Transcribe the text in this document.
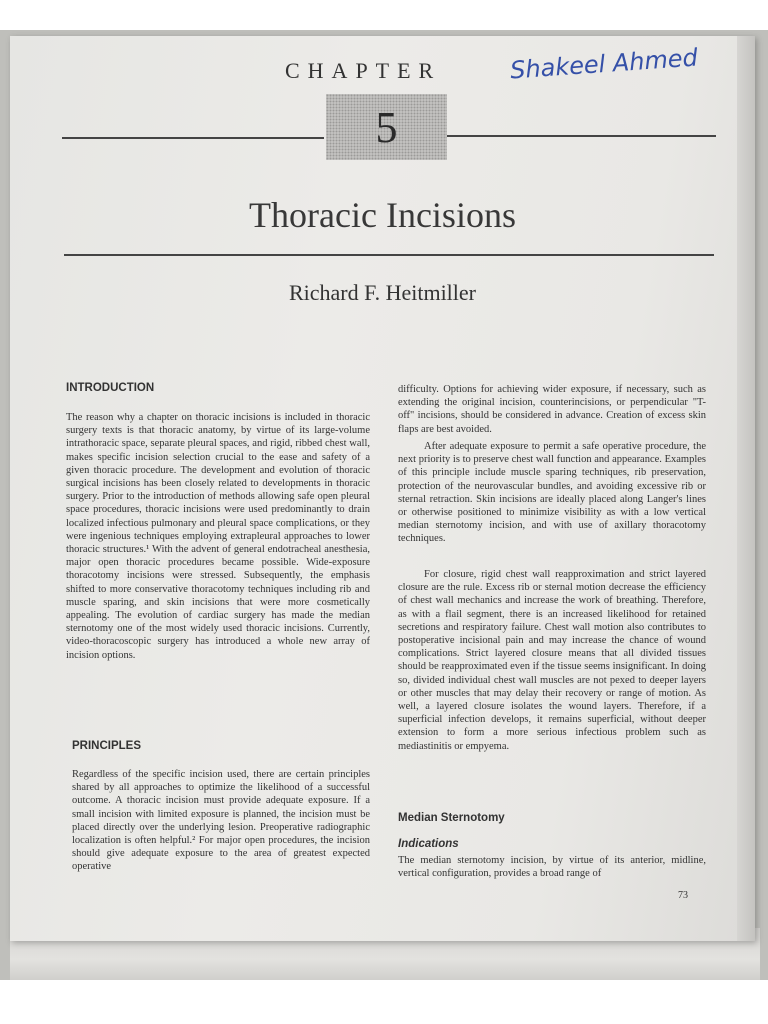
CHAPTER	Shakeel Ahmed
5
Thoracic Incisions
Richard F. Heitmiller
INTRODUCTION

The reason why a chapter on thoracic incisions is included in thoracic surgery texts is that thoracic anatomy, by virtue of its large-volume intrathoracic space, separate pleural spaces, and rigid, ribbed chest wall, makes specific incision selection crucial to the ease and safety of a given thoracic procedure. The development and evolution of thoracic surgical incisions has been closely related to developments in thoracic surgery. Prior to the introduction of methods allowing safe open pleural space procedures, thoracic incisions were used predominantly to drain localized infectious pulmonary and pleural space complications, or they were ingenious techniques employing extrapleural approaches to lower thoracic structures.¹ With the advent of general endotracheal anesthesia, major open thoracic procedures became possible. Wide-exposure thoracotomy incisions were stressed. Subsequently, the emphasis shifted to more conservative thoracotomy techniques including rib and muscle sparing, and skin incisions that were more cosmetically appealing. The evolution of cardiac surgery has made the median sternotomy one of the most widely used thoracic incisions. Currently, video-thoracoscopic surgery has introduced a whole new array of incision options.

PRINCIPLES

Regardless of the specific incision used, there are certain principles shared by all approaches to optimize the likelihood of a successful outcome. A thoracic incision must provide adequate exposure. If a small incision with limited exposure is planned, the incision must be placed directly over the underlying lesion. Preoperative radiographic localization is often helpful.² For major open procedures, the incision should give adequate exposure to the area of greatest expected operative

difficulty. Options for achieving wider exposure, if necessary, such as extending the original incision, counterincisions, or perpendicular "T-off" incisions, should be considered in advance. Creation of excess skin flaps are best avoided.

After adequate exposure to permit a safe operative procedure, the next priority is to preserve chest wall function and appearance. Examples of this principle include muscle sparing techniques, rib preservation, protection of the neurovascular bundles, and avoiding excessive rib or sternal retraction. Skin incisions are ideally placed along Langer's lines or otherwise positioned to minimize visibility as with a low vertical median sternotomy incision, and with use of axillary thoracotomy techniques.

For closure, rigid chest wall reapproximation and strict layered closure are the rule. Excess rib or sternal motion decrease the efficiency of chest wall mechanics and increase the work of breathing. Therefore, as with a flail segment, there is an increased likelihood for retained secretions and respiratory failure. Chest wall motion also contributes to postoperative incisional pain and may increase the chance of wound complications. Strict layered closure means that all divided tissues should be reapproximated even if the tissue seems insignificant. In doing so, divided individual chest wall muscles are not pexed to deeper layers or other muscles that may delay their recovery or range of motion. As well, a layered closure isolates the wound layers. Therefore, if a superficial infection develops, it remains superficial, without deeper extension to form a more serious infectious problem such as mediastinitis or empyema.

Median Sternotomy
Indications

The median sternotomy incision, by virtue of its anterior, midline, vertical configuration, provides a broad range of

73
